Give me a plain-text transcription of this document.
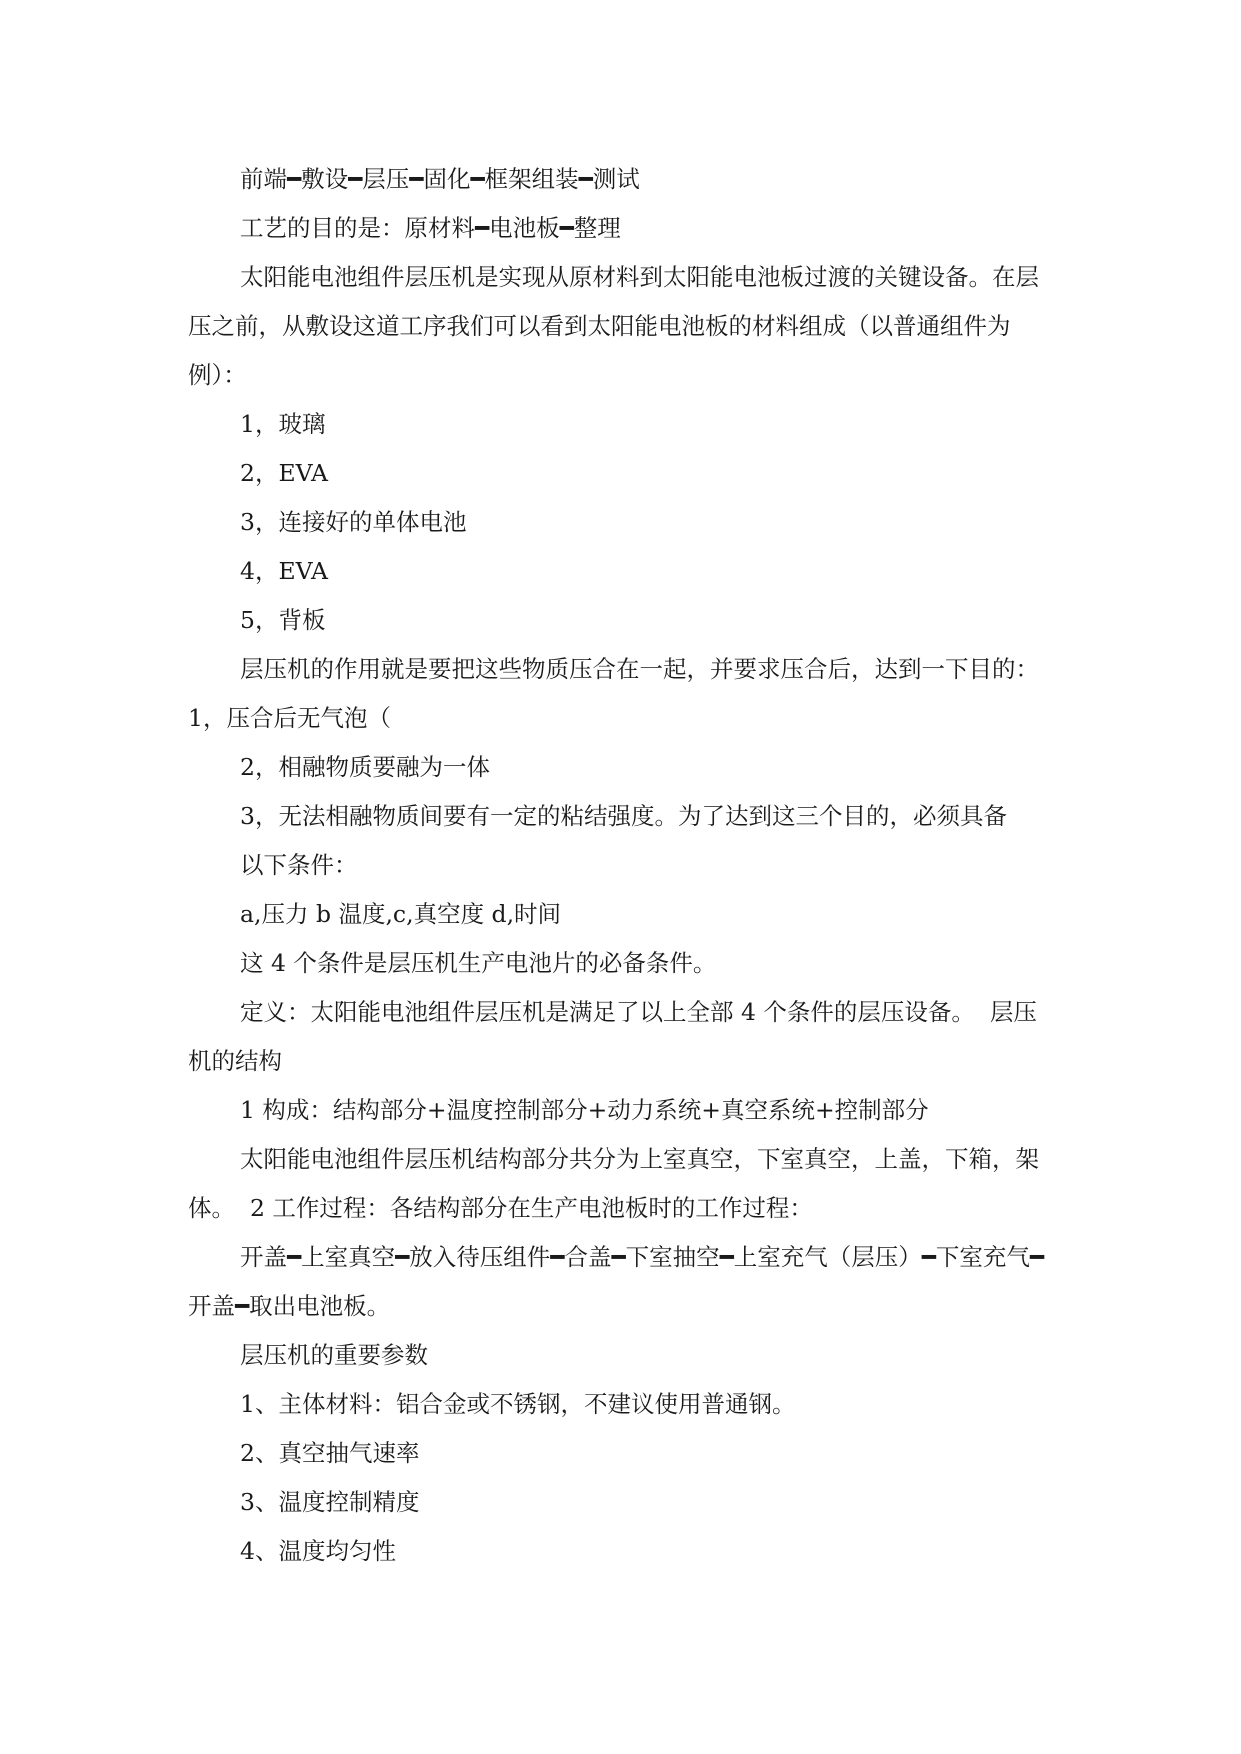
前端━敷设━层压━固化━框架组装━测试

工艺的目的是：原材料━电池板━整理

太阳能电池组件层压机是实现从原材料到太阳能电池板过渡的关键设备。在层压之前，从敷设这道工序我们可以看到太阳能电池板的材料组成（以普通组件为例）：

1，玻璃

2，EVA

3，连接好的单体电池

4，EVA

5，背板

层压机的作用就是要把这些物质压合在一起，并要求压合后，达到一下目的：  1，压合后无气泡（

2，相融物质要融为一体

3，无法相融物质间要有一定的粘结强度。为了达到这三个目的，必须具备

以下条件：

a,压力 b 温度,c,真空度 d,时间

这 4 个条件是层压机生产电池片的必备条件。

定义：太阳能电池组件层压机是满足了以上全部 4 个条件的层压设备。  层压机的结构

1 构成：结构部分+温度控制部分+动力系统+真空系统+控制部分

太阳能电池组件层压机结构部分共分为上室真空，下室真空，上盖，下箱，架体。  2 工作过程：各结构部分在生产电池板时的工作过程：

开盖━上室真空━放入待压组件━合盖━下室抽空━上室充气（层压）━下室充气━开盖━取出电池板。

层压机的重要参数

1、主体材料：铝合金或不锈钢，不建议使用普通钢。

2、真空抽气速率

3、温度控制精度

4、温度均匀性
